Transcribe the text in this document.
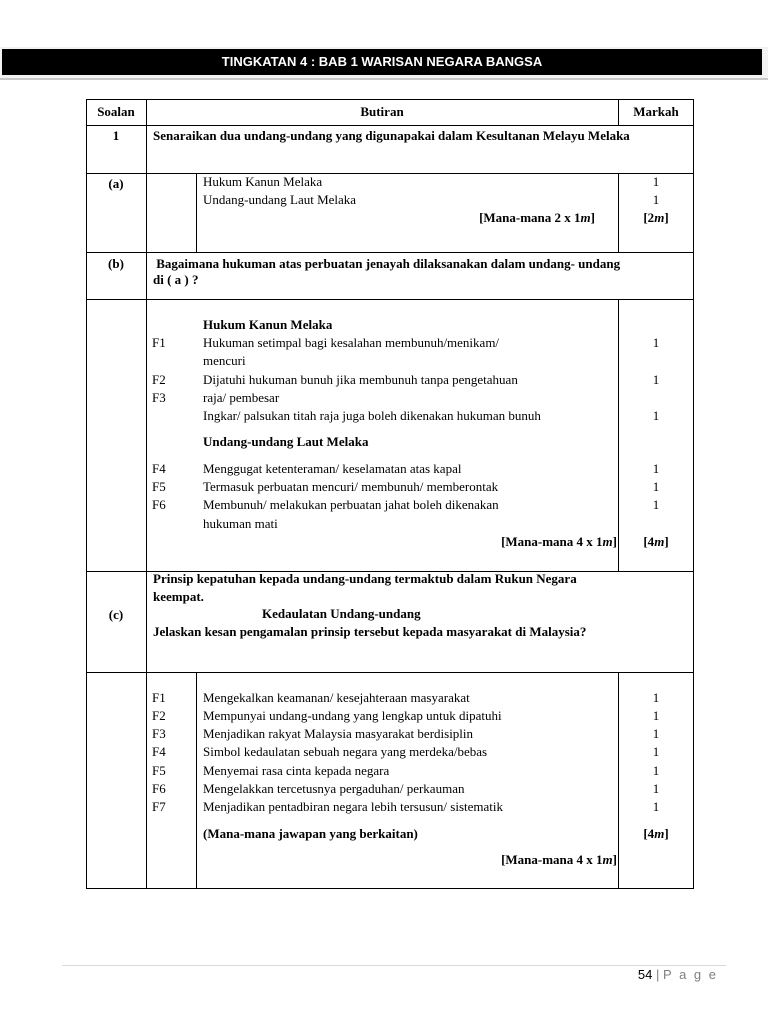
TINGKATAN 4 : BAB 1 WARISAN NEGARA BANGSA
Soalan	Butiran	Markah
1	Senaraikan dua undang-undang yang digunapakai dalam Kesultanan Melayu Melaka
(a)	Hukum Kanun Melaka	1
Undang-undang Laut Melaka	1
[Mana-mana 2 x 1m]	[2m]
(b)	Bagaimana hukuman atas perbuatan jenayah dilaksanakan dalam undang- undang
di ( a ) ?
Hukum Kanun Melaka
F1	Hukuman setimpal bagi kesalahan membunuh/menikam/	1
mencuri
F2	Dijatuhi hukuman bunuh jika membunuh tanpa pengetahuan	1
F3	raja/ pembesar
Ingkar/ palsukan titah raja juga boleh dikenakan hukuman bunuh	1
Undang-undang Laut Melaka
F4	Menggugat ketenteraman/ keselamatan atas kapal	1
F5	Termasuk perbuatan mencuri/ membunuh/ memberontak	1
F6	Membunuh/ melakukan perbuatan jahat boleh dikenakan	1
hukuman mati
[Mana-mana 4 x 1m]	[4m]
Prinsip kepatuhan kepada undang-undang termaktub dalam Rukun Negara
keempat.
(c)	Kedaulatan Undang-undang
Jelaskan kesan pengamalan prinsip tersebut kepada masyarakat di Malaysia?
F1	Mengekalkan keamanan/ kesejahteraan masyarakat	1
F2	Mempunyai undang-undang yang lengkap untuk dipatuhi	1
F3	Menjadikan rakyat Malaysia masyarakat berdisiplin	1
F4	Simbol kedaulatan sebuah negara yang merdeka/bebas	1
F5	Menyemai rasa cinta kepada negara	1
F6	Mengelakkan tercetusnya pergaduhan/ perkauman	1
F7	Menjadikan pentadbiran negara lebih tersusun/ sistematik	1
(Mana-mana jawapan yang berkaitan)	[4m]
[Mana-mana 4 x 1m]
54 | P a g e
